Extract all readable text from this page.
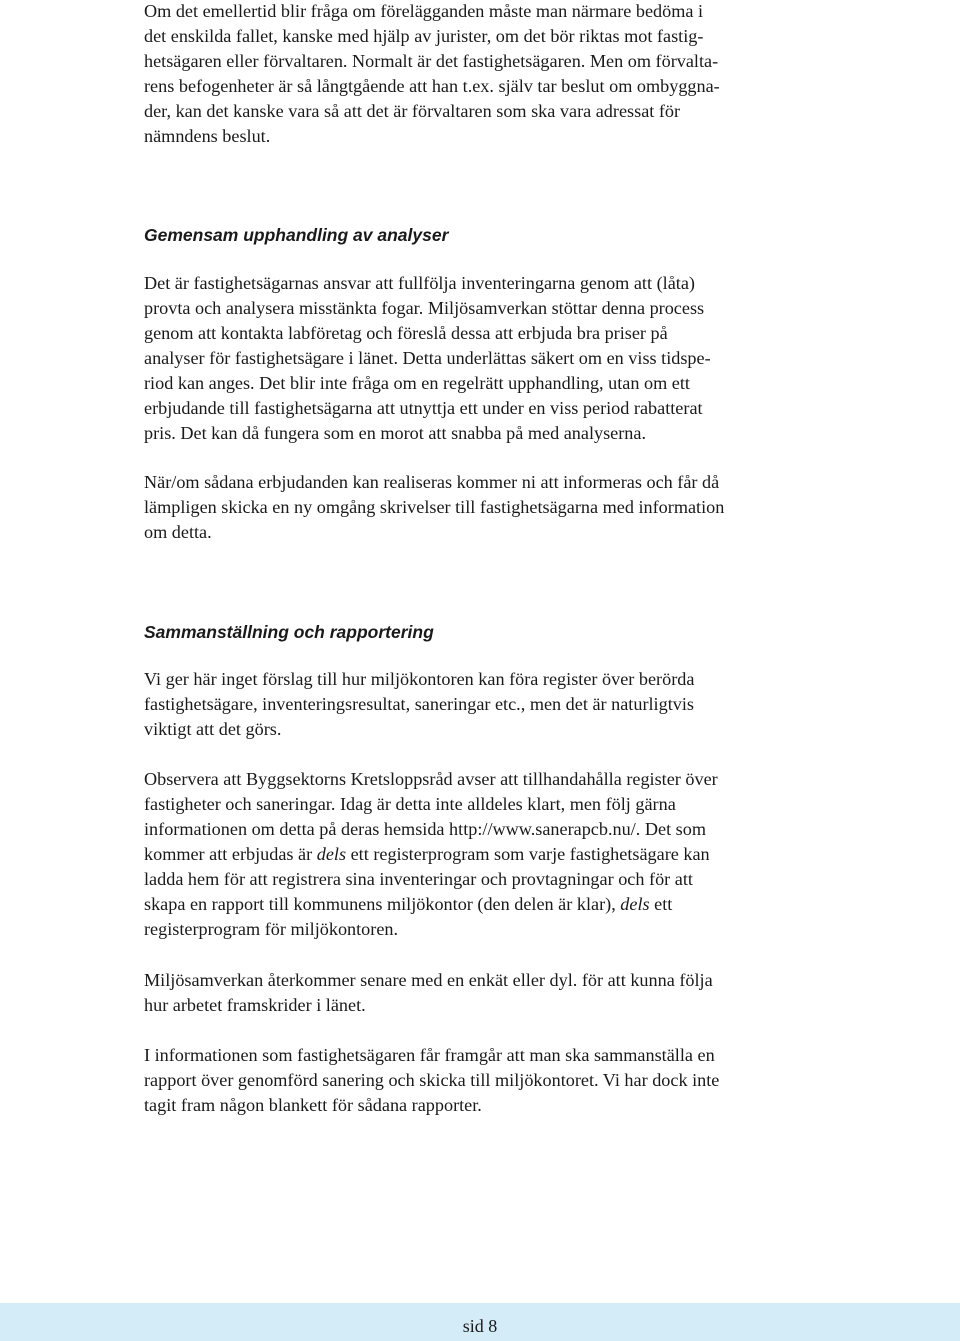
Om det emellertid blir fråga om förelägganden måste man närmare bedöma i
det enskilda fallet, kanske med hjälp av jurister, om det bör riktas mot fastig-
hetsägaren eller förvaltaren. Normalt är det fastighetsägaren. Men om förvalta-
rens befogenheter är så långtgående att han t.ex. själv tar beslut om ombyggna-
der, kan det kanske vara så att det är förvaltaren som ska vara adressat för
nämndens beslut.

Gemensam upphandling av analyser

Det är fastighetsägarnas ansvar att fullfölja inventeringarna genom att (låta)
provta och analysera misstänkta fogar. Miljösamverkan stöttar denna process
genom att kontakta labföretag och föreslå dessa att erbjuda bra priser på
analyser för fastighetsägare i länet. Detta underlättas säkert om en viss tidspe-
riod kan anges. Det blir inte fråga om en regelrätt upphandling, utan om ett
erbjudande till fastighetsägarna att utnyttja ett under en viss period rabatterat
pris. Det kan då fungera som en morot att snabba på med analyserna.

När/om sådana erbjudanden kan realiseras kommer ni att informeras och får då
lämpligen skicka en ny omgång skrivelser till fastighetsägarna med information
om detta.

Sammanställning och rapportering

Vi ger här inget förslag till hur miljökontoren kan föra register över berörda
fastighetsägare, inventeringsresultat, saneringar etc., men det är naturligtvis
viktigt att det görs.

Observera att Byggsektorns Kretsloppsråd avser att tillhandahålla register över
fastigheter och saneringar. Idag är detta inte alldeles klart, men följ gärna
informationen om detta på deras hemsida http://www.sanerapcb.nu/. Det som
kommer att erbjudas är dels ett registerprogram som varje fastighetsägare kan
ladda hem för att registrera sina inventeringar och provtagningar och för att
skapa en rapport till kommunens miljökontor (den delen är klar), dels ett
registerprogram för miljökontoren.

Miljösamverkan återkommer senare med en enkät eller dyl. för att kunna följa
hur arbetet framskrider i länet.

I informationen som fastighetsägaren får framgår att man ska sammanställa en
rapport över genomförd sanering och skicka till miljökontoret. Vi har dock inte
tagit fram någon blankett för sådana rapporter.

sid 8
